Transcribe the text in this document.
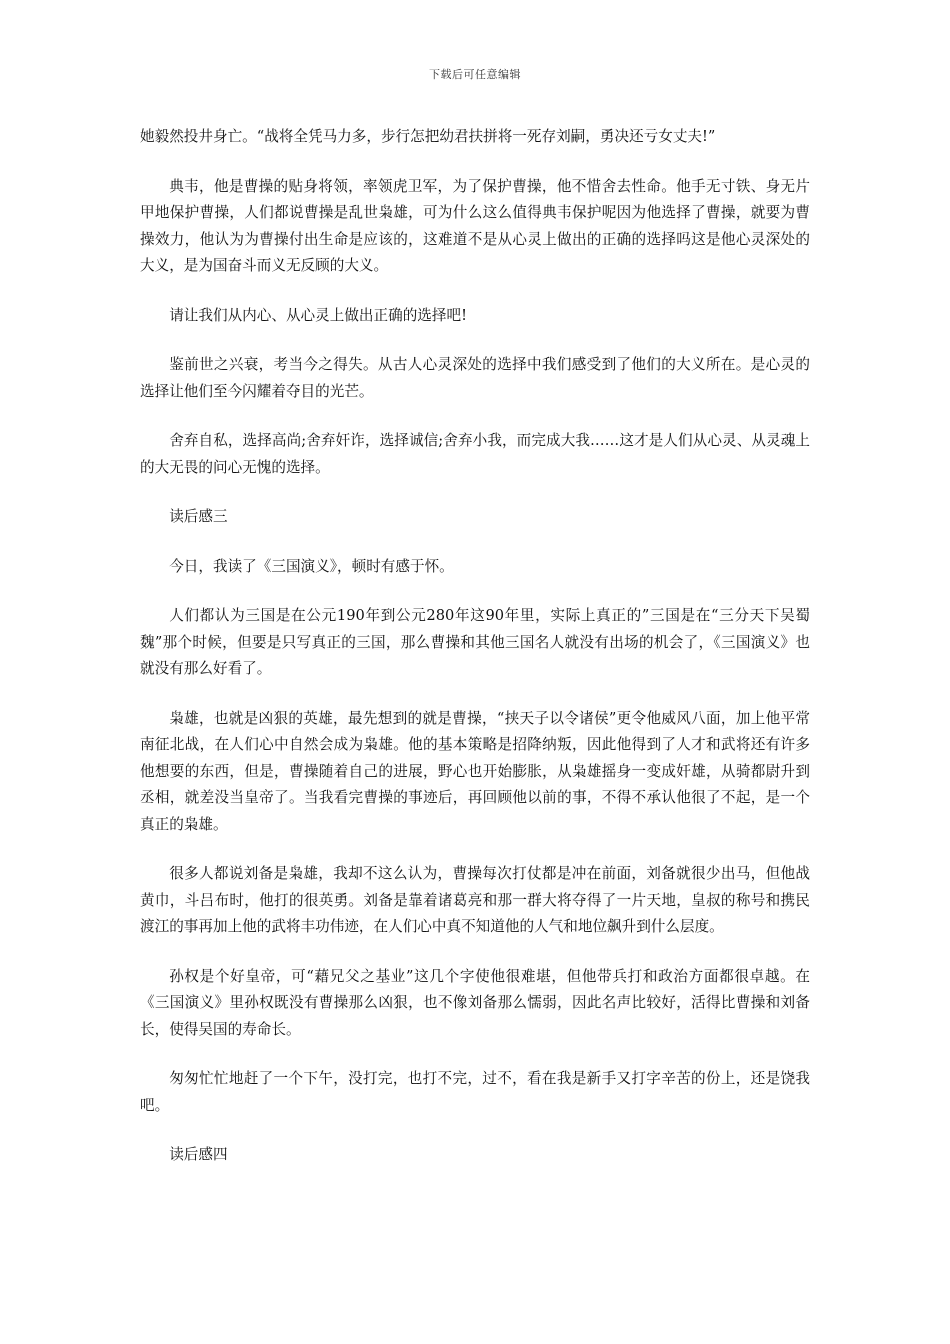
下载后可任意编辑

她毅然投井身亡。“战将全凭马力多，步行怎把幼君扶拼将一死存刘嗣，勇决还亏女丈夫!”

典韦，他是曹操的贴身将领，率领虎卫军，为了保护曹操，他不惜舍去性命。他手无寸铁、身无片甲地保护曹操，人们都说曹操是乱世枭雄，可为什么这么值得典韦保护呢因为他选择了曹操，就要为曹操效力，他认为为曹操付出生命是应该的，这难道不是从心灵上做出的正确的选择吗这是他心灵深处的大义，是为国奋斗而义无反顾的大义。

请让我们从内心、从心灵上做出正确的选择吧!

鉴前世之兴衰，考当今之得失。从古人心灵深处的选择中我们感受到了他们的大义所在。是心灵的选择让他们至今闪耀着夺目的光芒。

舍弃自私，选择高尚;舍弃奸诈，选择诚信;舍弃小我，而完成大我……这才是人们从心灵、从灵魂上的大无畏的问心无愧的选择。

读后感三

今日，我读了《三国演义》，顿时有感于怀。

人们都认为三国是在公元190年到公元280年这90年里，实际上真正的”三国是在“三分天下吴蜀魏”那个时候，但要是只写真正的三国，那么曹操和其他三国名人就没有出场的机会了，《三国演义》也就没有那么好看了。

枭雄，也就是凶狠的英雄，最先想到的就是曹操，“挟天子以令诸侯”更令他威风八面，加上他平常南征北战，在人们心中自然会成为枭雄。他的基本策略是招降纳叛，因此他得到了人才和武将还有许多他想要的东西，但是，曹操随着自己的进展，野心也开始膨胀，从枭雄摇身一变成奸雄，从骑都尉升到丞相，就差没当皇帝了。当我看完曹操的事迹后，再回顾他以前的事，不得不承认他很了不起，是一个真正的枭雄。

很多人都说刘备是枭雄，我却不这么认为，曹操每次打仗都是冲在前面，刘备就很少出马，但他战黄巾，斗吕布时，他打的很英勇。刘备是靠着诸葛亮和那一群大将夺得了一片天地，皇叔的称号和携民渡江的事再加上他的武将丰功伟迹，在人们心中真不知道他的人气和地位飙升到什么层度。

孙权是个好皇帝，可“藉兄父之基业”这几个字使他很难堪，但他带兵打和政治方面都很卓越。在《三国演义》里孙权既没有曹操那么凶狠，也不像刘备那么懦弱，因此名声比较好，活得比曹操和刘备长，使得吴国的寿命长。

匆匆忙忙地赶了一个下午，没打完，也打不完，过不，看在我是新手又打字辛苦的份上，还是饶我吧。

读后感四
